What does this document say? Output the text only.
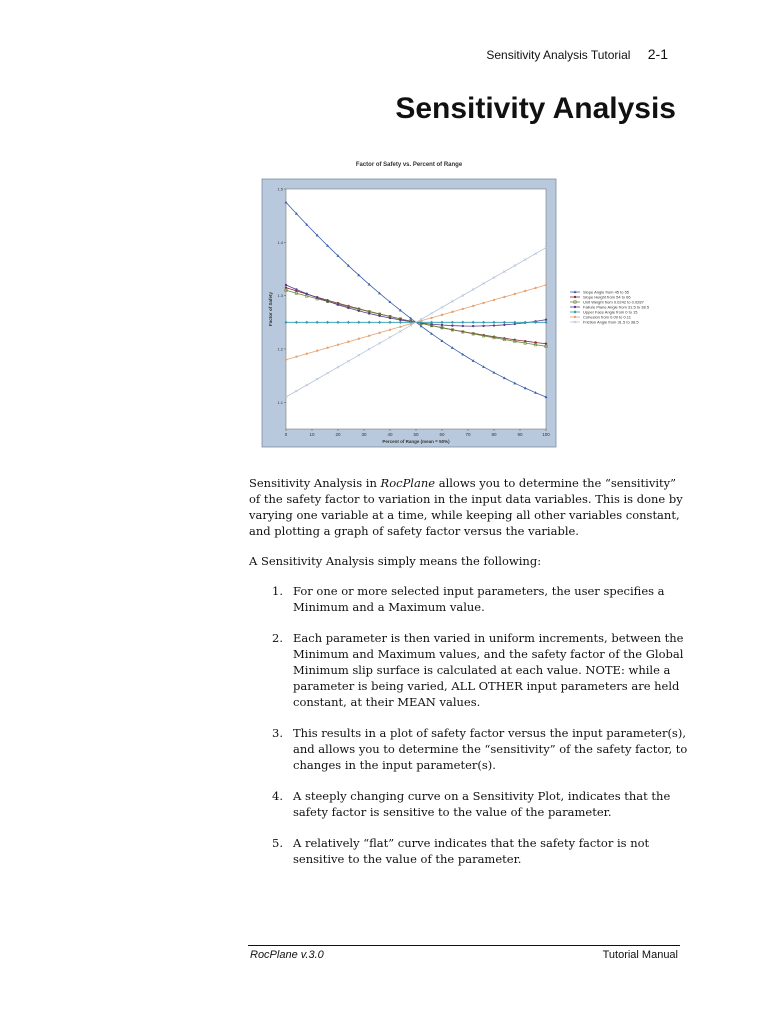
Sensitivity Analysis Tutorial 2-1
Sensitivity Analysis
Factor of Safety vs. Percent of Range
1.1
1.2
1.3
1.4
1.5
0	10	20	30	40	50	60	70	80	90	100
Percent of Range (mean = 50%)
Factor of Safety	Slope Angle from 45 to 55
Slope Height from 54 to 66
Unit Weight from 0.0242 to 0.0287
Failure Plane Angle from 31.5 to 38.5
Upper Face Angle from 0 to 15
Cohesion from 0.09 to 0.11
Friction Angle from 31.5 to 38.5

Sensitivity Analysis in RocPlane allows you to determine the “sensitivity” of the safety factor to variation in the input data variables. This is done by varying one variable at a time, while keeping all other variables constant, and plotting a graph of safety factor versus the variable.

A Sensitivity Analysis simply means the following:

1. For one or more selected input parameters, the user specifies a Minimum and a Maximum value.
2. Each parameter is then varied in uniform increments, between the Minimum and Maximum values, and the safety factor of the Global Minimum slip surface is calculated at each value. NOTE: while a parameter is being varied, ALL OTHER input parameters are held constant, at their MEAN values.
3. This results in a plot of safety factor versus the input parameter(s), and allows you to determine the “sensitivity” of the safety factor, to changes in the input parameter(s).
4. A steeply changing curve on a Sensitivity Plot, indicates that the safety factor is sensitive to the value of the parameter.
5. A relatively “flat” curve indicates that the safety factor is not sensitive to the value of the parameter.
RocPlane v.3.0	Tutorial Manual
